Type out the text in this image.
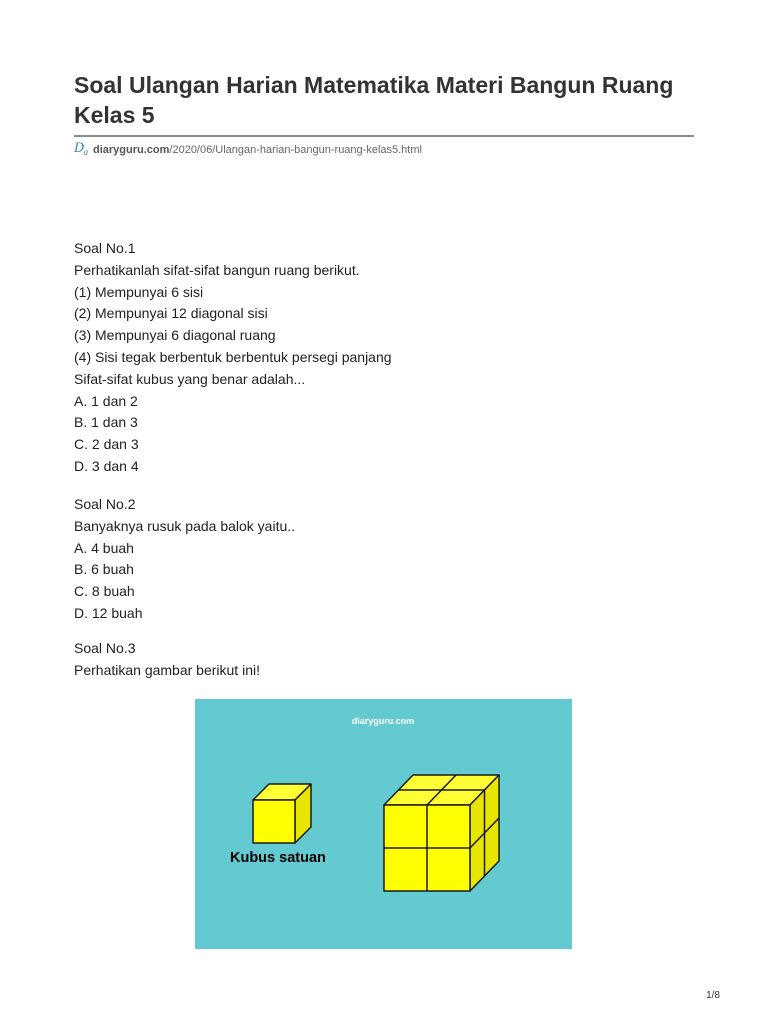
Soal Ulangan Harian Matematika Materi Bangun Ruang Kelas 5
D
g diaryguru.com/2020/06/Ulangan-harian-bangun-ruang-kelas5.html
Soal No.1
Perhatikanlah sifat-sifat bangun ruang berikut.
(1) Mempunyai 6 sisi
(2) Mempunyai 12 diagonal sisi
(3) Mempunyai 6 diagonal ruang
(4) Sisi tegak berbentuk berbentuk persegi panjang
Sifat-sifat kubus yang benar adalah...
A. 1 dan 2
B. 1 dan 3
C. 2 dan 3
D. 3 dan 4
Soal No.2
Banyaknya rusuk pada balok yaitu..
A. 4 buah
B. 6 buah
C. 8 buah
D. 12 buah
Soal No.3
Perhatikan gambar berikut ini!
diaryguru.com
Kubus satuan
1/8
